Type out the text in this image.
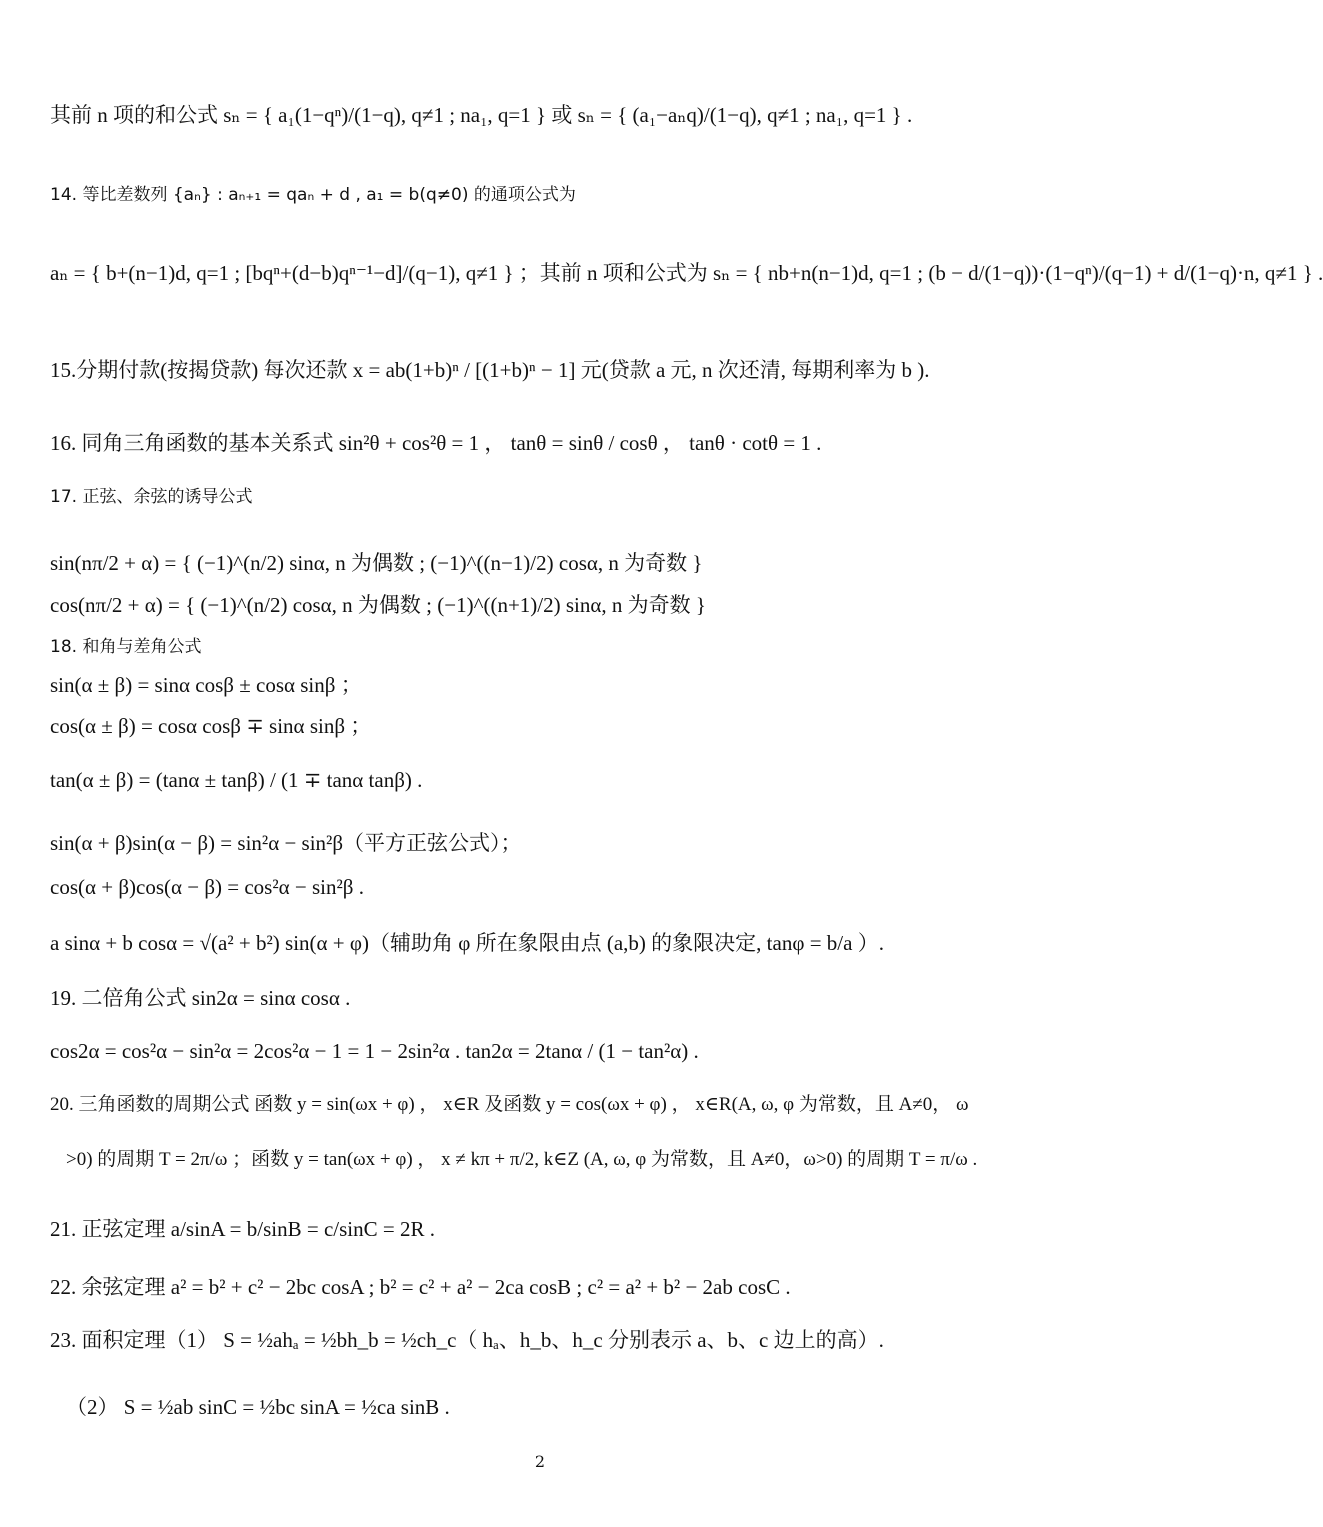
其前 n 项的和公式 sₙ = { a₁(1−qⁿ)/(1−q), q≠1 ; na₁, q=1 } 或 sₙ = { (a₁−aₙq)/(1−q), q≠1 ; na₁, q=1 } .
14. 等比差数列 {aₙ} : aₙ₊₁ = qaₙ + d , a₁ = b(q≠0) 的通项公式为
aₙ = { b+(n−1)d, q=1 ; [bqⁿ+(d−b)qⁿ⁻¹−d]/(q−1), q≠1 } ；其前 n 项和公式为 sₙ = { nb+n(n−1)d, q=1 ; (b − d/(1−q))·(1−qⁿ)/(q−1) + d/(1−q)·n, q≠1 } .
15.分期付款(按揭贷款) 每次还款 x = ab(1+b)ⁿ / [(1+b)ⁿ − 1] 元(贷款 a 元, n 次还清, 每期利率为 b ).
16. 同角三角函数的基本关系式 sin²θ + cos²θ = 1 ， tanθ = sinθ / cosθ ， tanθ · cotθ = 1 .
17. 正弦、余弦的诱导公式
sin(nπ/2 + α) = { (−1)^(n/2) sinα, n 为偶数 ; (−1)^((n−1)/2) cosα, n 为奇数 }
cos(nπ/2 + α) = { (−1)^(n/2) cosα, n 为偶数 ; (−1)^((n+1)/2) sinα, n 为奇数 }
18. 和角与差角公式
sin(α ± β) = sinα cosβ ± cosα sinβ ；
cos(α ± β) = cosα cosβ ∓ sinα sinβ ；
tan(α ± β) = (tanα ± tanβ) / (1 ∓ tanα tanβ) .
sin(α + β)sin(α − β) = sin²α − sin²β（平方正弦公式）；
cos(α + β)cos(α − β) = cos²α − sin²β .
a sinα + b cosα = √(a² + b²) sin(α + φ)（辅助角 φ 所在象限由点 (a,b) 的象限决定, tanφ = b/a ）.
19. 二倍角公式 sin2α = sinα cosα .
cos2α = cos²α − sin²α = 2cos²α − 1 = 1 − 2sin²α . tan2α = 2tanα / (1 − tan²α) .
20. 三角函数的周期公式 函数 y = sin(ωx + φ) ， x∈R 及函数 y = cos(ωx + φ) ， x∈R(A, ω, φ 为常数，且 A≠0， ω
>0) 的周期 T = 2π/ω ；函数 y = tan(ωx + φ) ， x ≠ kπ + π/2, k∈Z (A, ω, φ 为常数，且 A≠0，ω>0) 的周期 T = π/ω .
21. 正弦定理 a/sinA = b/sinB = c/sinC = 2R .
22. 余弦定理 a² = b² + c² − 2bc cosA ; b² = c² + a² − 2ca cosB ; c² = a² + b² − 2ab cosC .
23. 面积定理（1） S = ½ahₐ = ½bh_b = ½ch_c（ hₐ、h_b、h_c 分别表示 a、b、c 边上的高）.
（2） S = ½ab sinC = ½bc sinA = ½ca sinB .
2
